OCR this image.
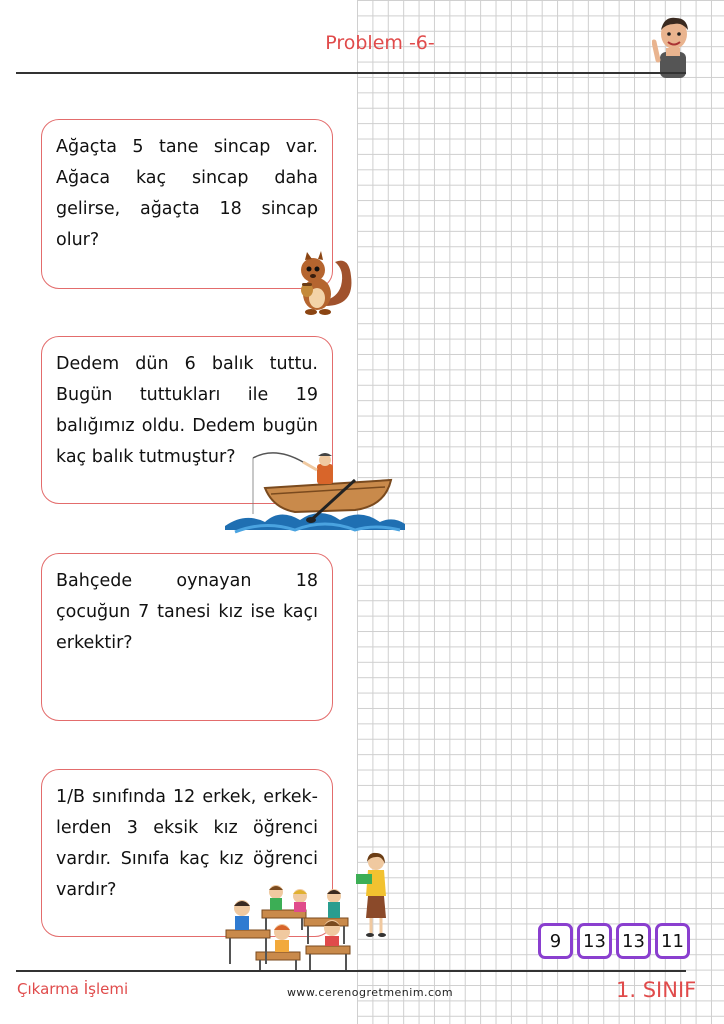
Problem -6-

Ağaçta 5 tane sincap var. Ağaca kaç sincap daha gelirse, ağaçta 18 sincap olur?

Dedem dün 6 balık tuttu. Bugün tuttukları ile 19 balığımız oldu. Dedem bugün kaç balık tutmuştur?

Bahçede oynayan 18 çocuğun 7 tanesi kız ise kaçı erkektir?

1/B sınıfında 12 erkek, erkek-lerden 3 eksik kız öğrenci vardır. Sınıfa kaç kız öğrenci vardır?

9	13 13 11
Çıkarma İşlemi	www.cerenogretmenim.com	1. SINIF
